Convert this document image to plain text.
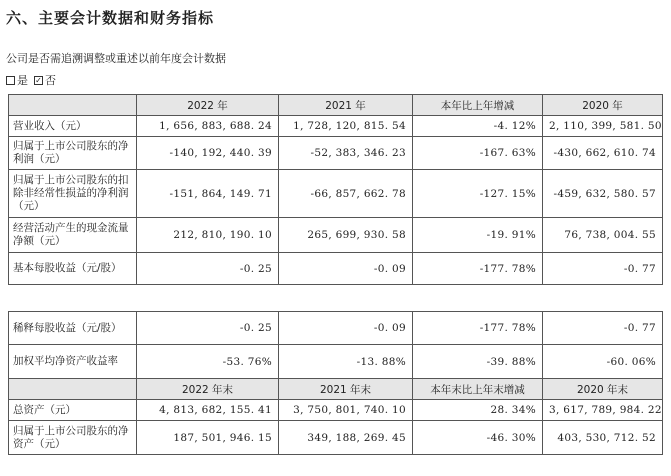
六、主要会计数据和财务指标
公司是否需追溯调整或重述以前年度会计数据
是 ✓ 否
	2022 年	2021 年	本年比上年增减	2020 年
营业收入（元）	1, 656, 883, 688. 24	1, 728, 120, 815. 54	-4. 12%	2, 110, 399, 581. 50
归属于上市公司股东的净利润（元）	-140, 192, 440. 39	-52, 383, 346. 23	-167. 63%	-430, 662, 610. 74
归属于上市公司股东的扣除非经常性损益的净利润（元）	-151, 864, 149. 71	-66, 857, 662. 78	-127. 15%	-459, 632, 580. 57
经营活动产生的现金流量净额（元）	212, 810, 190. 10	265, 699, 930. 58	-19. 91%	76, 738, 004. 55
基本每股收益（元/股）	-0. 25	-0. 09	-177. 78%	-0. 77
稀释每股收益（元/股）	-0. 25	-0. 09	-177. 78%	-0. 77
加权平均净资产收益率	-53. 76%	-13. 88%	-39. 88%	-60. 06%
	2022 年末	2021 年末	本年末比上年末增减	2020 年末
总资产（元）	4, 813, 682, 155. 41	3, 750, 801, 740. 10	28. 34%	3, 617, 789, 984. 22
归属于上市公司股东的净资产（元）	187, 501, 946. 15	349, 188, 269. 45	-46. 30%	403, 530, 712. 52
